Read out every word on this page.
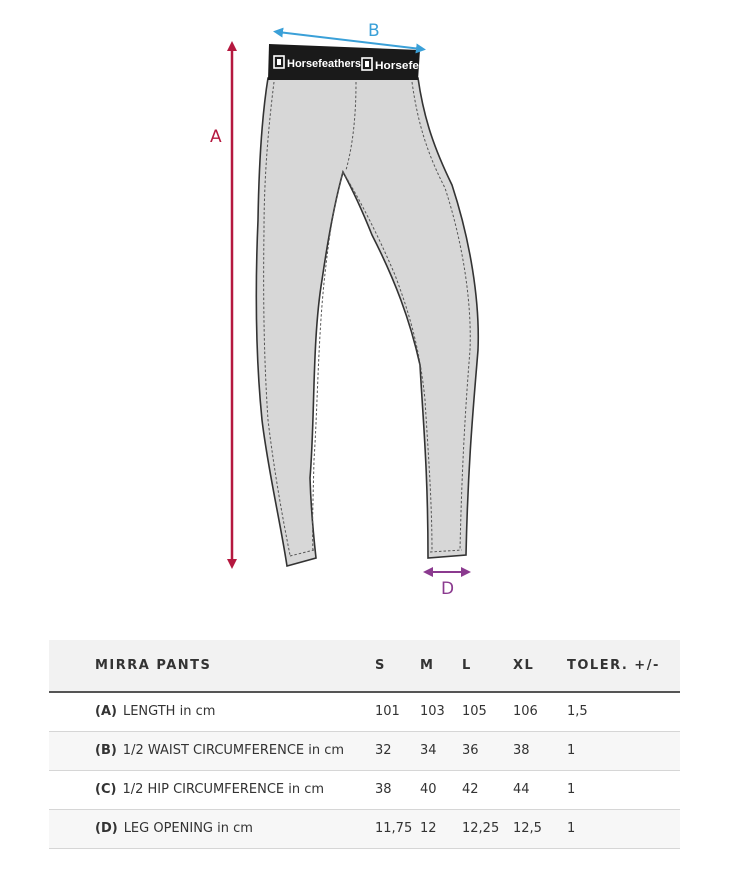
Horsefeathers Horsefe
A
B
D
MIRRA PANTS	S	M	L	XL	TOLER. +/-
(A) LENGTH in cm	101	103	105	106	1,5
(B) 1/2 WAIST CIRCUMFERENCE in cm	32	34	36	38	1
(C) 1/2 HIP CIRCUMFERENCE in cm	38	40	42	44	1
(D) LEG OPENING in cm	11,75	12	12,25	12,5	1
